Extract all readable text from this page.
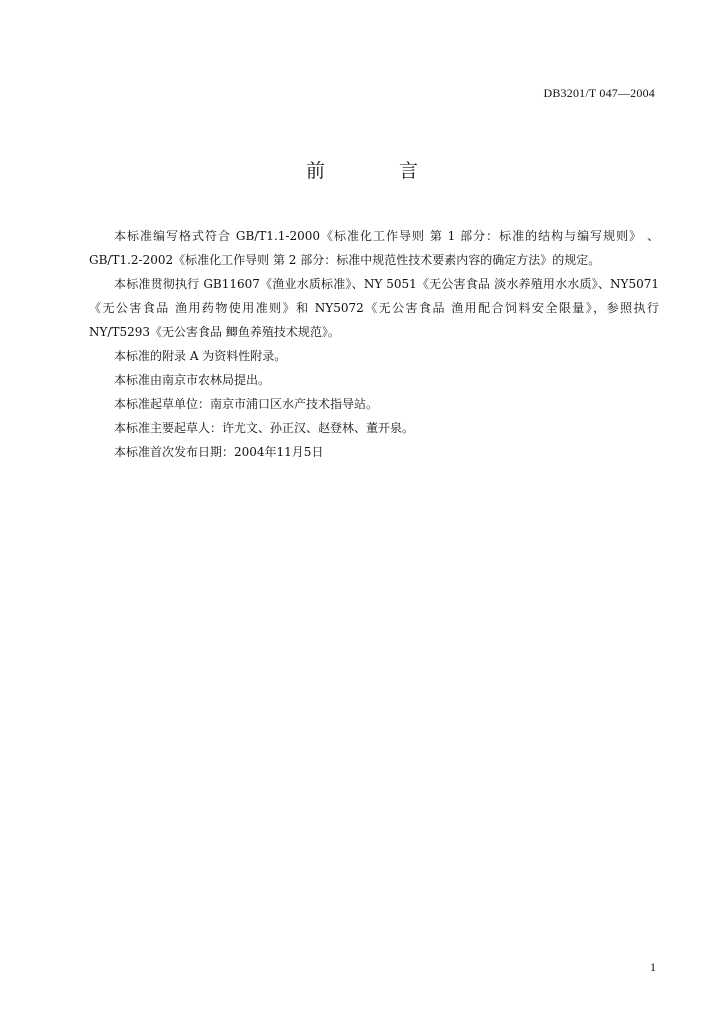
DB3201/T 047—2004
前 言
本标准编写格式符合 GB/T1.1-2000《标准化工作导则 第 1 部分：标准的结构与编写规则》 、
GB/T1.2-2002《标准化工作导则 第 2 部分：标准中规范性技术要素内容的确定方法》的规定。
本标准贯彻执行 GB11607《渔业水质标准》、NY 5051《无公害食品 淡水养殖用水水质》、NY5071
《无公害食品 渔用药物使用准则》和 NY5072《无公害食品 渔用配合饲料安全限量》，参照执行
NY/T5293《无公害食品 鲫鱼养殖技术规范》。
本标准的附录 A 为资料性附录。
本标准由南京市农林局提出。
本标准起草单位：南京市浦口区水产技术指导站。
本标准主要起草人：许尤文、孙正汉、赵登林、董开泉。
本标准首次发布日期：2004年11月5日
1
